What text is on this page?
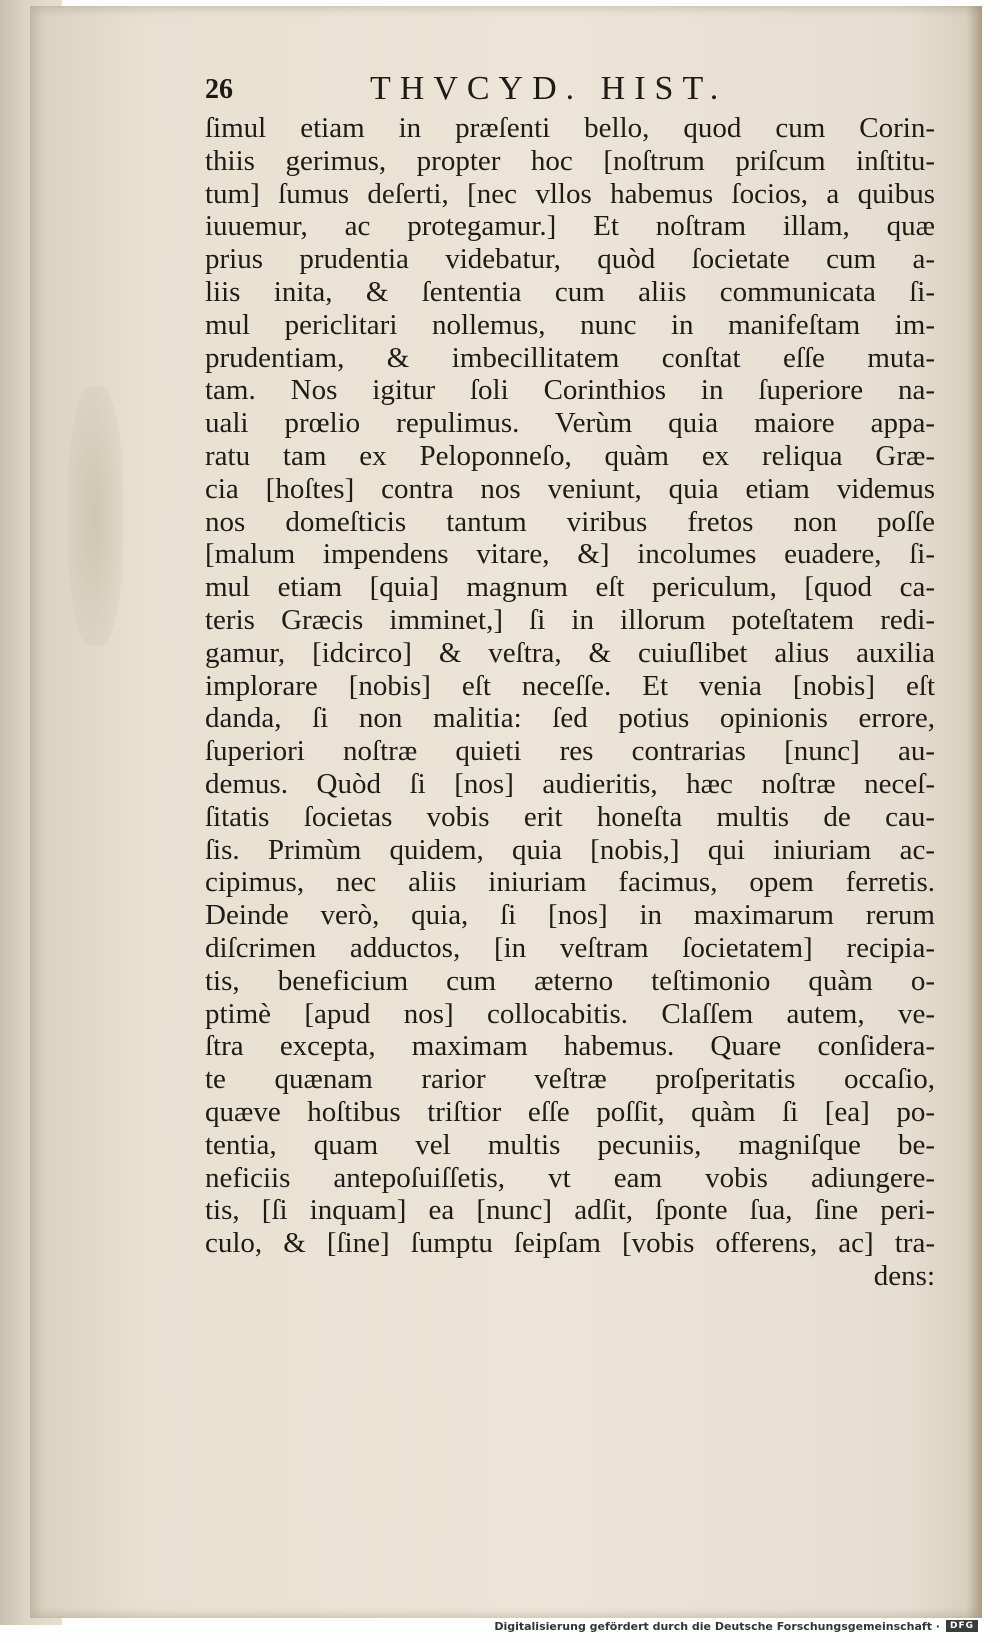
26	THVCYD. HIST.
ſimul etiam in præſenti bello, quod cum Corin-
thiis gerimus, propter hoc [noſtrum priſcum inſtitu-
tum] ſumus deſerti, [nec vllos habemus ſocios, a quibus
iuuemur, ac protegamur.] Et noſtram illam, quæ
prius prudentia videbatur, quòd ſocietate cum a-
liis inita, & ſententia cum aliis communicata ſi-
mul periclitari nollemus, nunc in manifeſtam im-
prudentiam, & imbecillitatem conſtat eſſe muta-
tam. Nos igitur ſoli Corinthios in ſuperiore na-
uali prœlio repulimus. Verùm quia maiore appa-
ratu tam ex Peloponneſo, quàm ex reliqua Græ-
cia [hoſtes] contra nos veniunt, quia etiam videmus
nos domeſticis tantum viribus fretos non poſſe
[malum impendens vitare, &] incolumes euadere, ſi-
mul etiam [quia] magnum eſt periculum, [quod ca-
teris Græcis imminet,] ſi in illorum poteſtatem redi-
gamur, [idcirco] & veſtra, & cuiuſlibet alius auxilia
implorare [nobis] eſt neceſſe. Et venia [nobis] eſt
danda, ſi non malitia: ſed potius opinionis errore,
ſuperiori noſtræ quieti res contrarias [nunc] au-
demus. Quòd ſi [nos] audieritis, hæc noſtræ neceſ-
ſitatis ſocietas vobis erit honeſta multis de cau-
ſis. Primùm quidem, quia [nobis,] qui iniuriam ac-
cipimus, nec aliis iniuriam facimus, opem ferretis.
Deinde verò, quia, ſi [nos] in maximarum rerum
diſcrimen adductos, [in veſtram ſocietatem] recipia-
tis, beneficium cum æterno teſtimonio quàm o-
ptimè [apud nos] collocabitis. Claſſem autem, ve-
ſtra excepta, maximam habemus. Quare conſidera-
te quænam rarior veſtræ proſperitatis occaſio,
quæve hoſtibus triſtior eſſe poſſit, quàm ſi [ea] po-
tentia, quam vel multis pecuniis, magniſque be-
neficiis antepoſuiſſetis, vt eam vobis adiungere-
tis, [ſi inquam] ea [nunc] adſit, ſponte ſua, ſine peri-
culo, & [ſine] ſumptu ſeipſam [vobis offerens, ac] tra-
dens:
Digitalisierung gefördert durch die Deutsche Forschungsgemeinschaft ·	DFG
